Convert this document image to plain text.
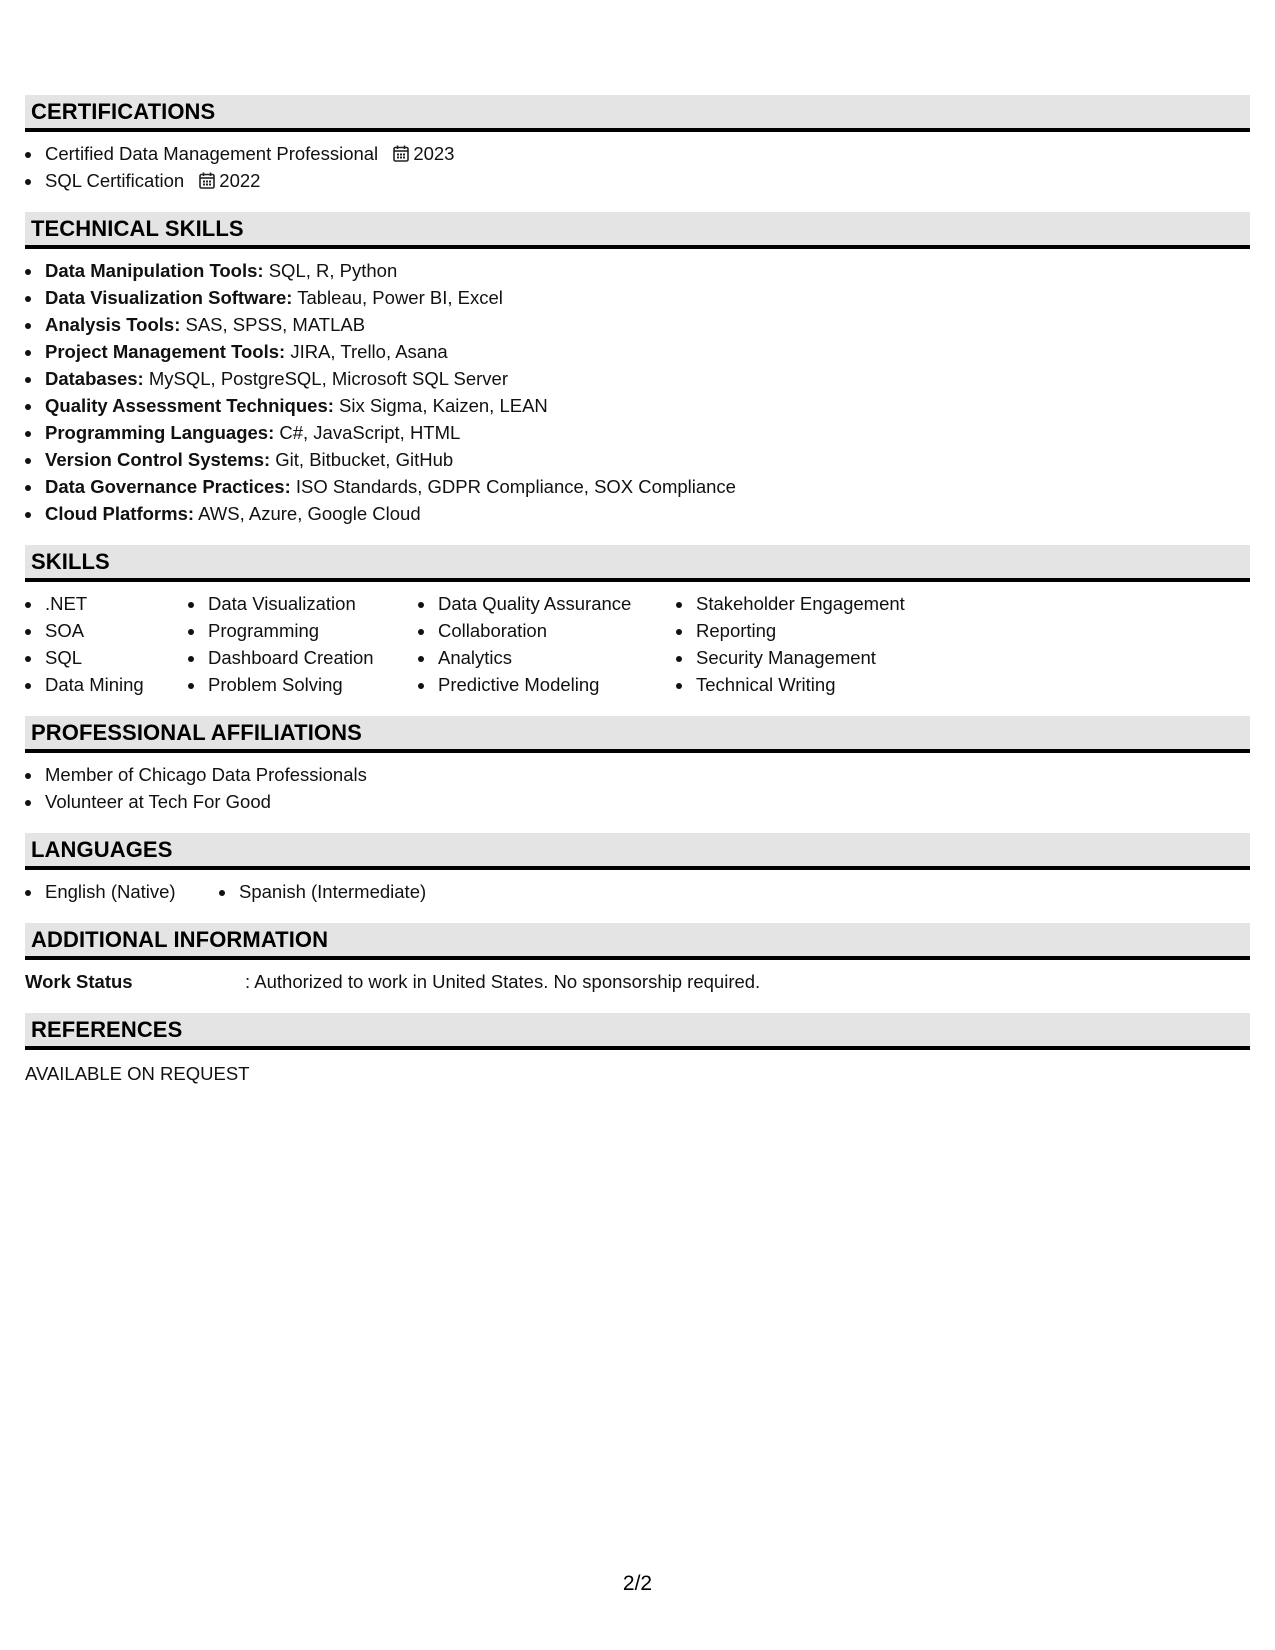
CERTIFICATIONS
• Certified Data Management Professional 2023
• SQL Certification 2022
TECHNICAL SKILLS
• Data Manipulation Tools: SQL, R, Python
• Data Visualization Software: Tableau, Power BI, Excel
• Analysis Tools: SAS, SPSS, MATLAB
• Project Management Tools: JIRA, Trello, Asana
• Databases: MySQL, PostgreSQL, Microsoft SQL Server
• Quality Assessment Techniques: Six Sigma, Kaizen, LEAN
• Programming Languages: C#, JavaScript, HTML
• Version Control Systems: Git, Bitbucket, GitHub
• Data Governance Practices: ISO Standards, GDPR Compliance, SOX Compliance
• Cloud Platforms: AWS, Azure, Google Cloud
SKILLS
• .NET
• SOA
• SQL
• Data Mining
• Data Visualization
• Programming
• Dashboard Creation
• Problem Solving
• Data Quality Assurance
• Collaboration
• Analytics
• Predictive Modeling
• Stakeholder Engagement
• Reporting
• Security Management
• Technical Writing
PROFESSIONAL AFFILIATIONS
• Member of Chicago Data Professionals
• Volunteer at Tech For Good
LANGUAGES
• English (Native)
•	Spanish (Intermediate)
ADDITIONAL INFORMATION
Work Status	: Authorized to work in United States. No sponsorship required.
REFERENCES
AVAILABLE ON REQUEST
2/2
